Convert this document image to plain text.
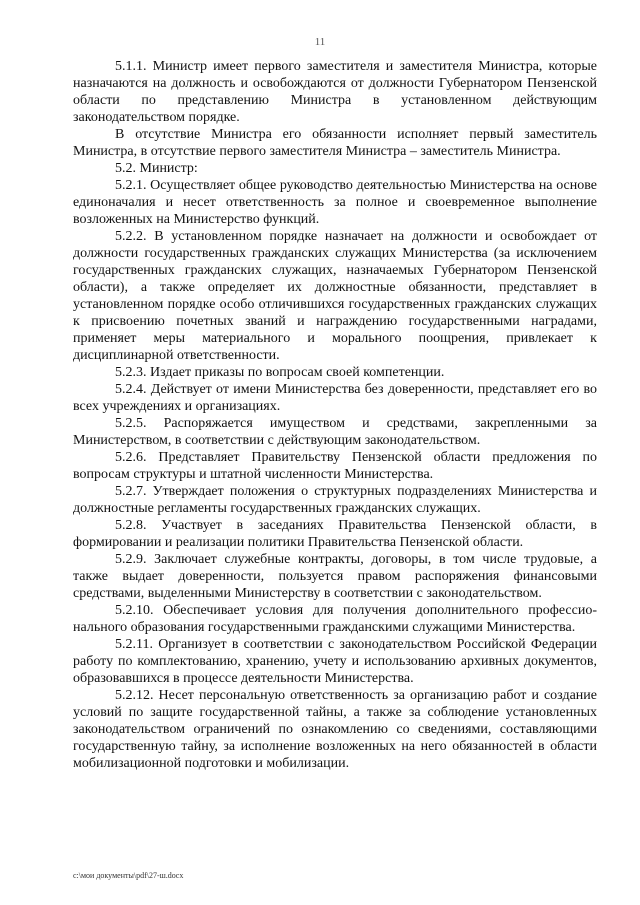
11

5.1.1. Министр имеет первого заместителя и заместителя Министра, которые назначаются на должность и освобождаются от должности Губернатором Пензенской области по представлению Министра в установленном действующим законодательством порядке.

В отсутствие Министра его обязанности исполняет первый заместитель Министра, в отсутствие первого заместителя Министра – заместитель Министра.

5.2. Министр:

5.2.1. Осуществляет общее руководство деятельностью Министерства на основе единоначалия и несет ответственность за полное и своевременное выполнение возложенных на Министерство функций.

5.2.2. В установленном порядке назначает на должности и освобождает от должности государственных гражданских служащих Министерства (за исключением государственных гражданских служащих, назначаемых Губернатором Пензенской области), а также определяет их должностные обязанности, представляет в установленном порядке особо отличившихся государственных гражданских служащих к присвоению почетных званий и награждению государственными наградами, применяет меры материального и морального поощрения, привлекает к дисциплинарной ответственности.

5.2.3. Издает приказы по вопросам своей компетенции.

5.2.4. Действует от имени Министерства без доверенности, представляет его во всех учреждениях и организациях.

5.2.5. Распоряжается имуществом и средствами, закрепленными за Министерством, в соответствии с действующим законодательством.

5.2.6. Представляет Правительству Пензенской области предложения по вопросам структуры и штатной численности Министерства.

5.2.7. Утверждает положения о структурных подразделениях Министерства и должностные регламенты государственных гражданских служащих.

5.2.8. Участвует в заседаниях Правительства Пензенской области, в формировании и реализации политики Правительства Пензенской области.

5.2.9. Заключает служебные контракты, договоры, в том числе трудовые, а также выдает доверенности, пользуется правом распоряжения финансовыми средствами, выделенными Министерству в соответствии с законодательством.

5.2.10. Обеспечивает условия для получения дополнительного профессио-нального образования государственными гражданскими служащими Министерства.

5.2.11. Организует в соответствии с законодательством Российской Федерации работу по комплектованию, хранению, учету и использованию архивных документов, образовавшихся в процессе деятельности Министерства.

5.2.12. Несет персональную ответственность за организацию работ и создание условий по защите государственной тайны, а также за соблюдение установленных законодательством ограничений по ознакомлению со сведениями, составляющими государственную тайну, за исполнение возложенных на него обязанностей в области мобилизационной подготовки и мобилизации.

c:\мои документы\pdf\27-ш.docx
